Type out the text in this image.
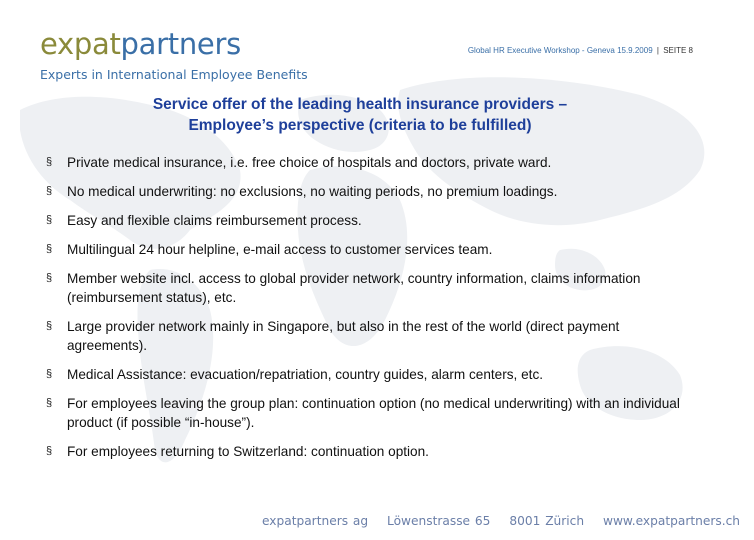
expatpartners
Experts in International Employee Benefits
Global HR Executive Workshop - Geneva 15.9.2009 | SEITE 8
Service offer of the leading health insurance providers –
Employee’s perspective (criteria to be fulfilled)
§ Private medical insurance, i.e. free choice of hospitals and doctors, private ward.
§ No medical underwriting: no exclusions, no waiting periods, no premium loadings.
§ Easy and flexible claims reimbursement process.
§ Multilingual 24 hour helpline, e-mail access to customer services team.
§ Member website incl. access to global provider network, country information, claims information (reimbursement status), etc.
§ Large provider network mainly in Singapore, but also in the rest of the world (direct payment agreements).
§ Medical Assistance: evacuation/repatriation, country guides, alarm centers, etc.
§ For employees leaving the group plan: continuation option (no medical underwriting) with an individual product (if possible “in-house”).
§ For employees returning to Switzerland: continuation option.
expatpartners ag Löwenstrasse 65 8001 Zürich www.expatpartners.ch
